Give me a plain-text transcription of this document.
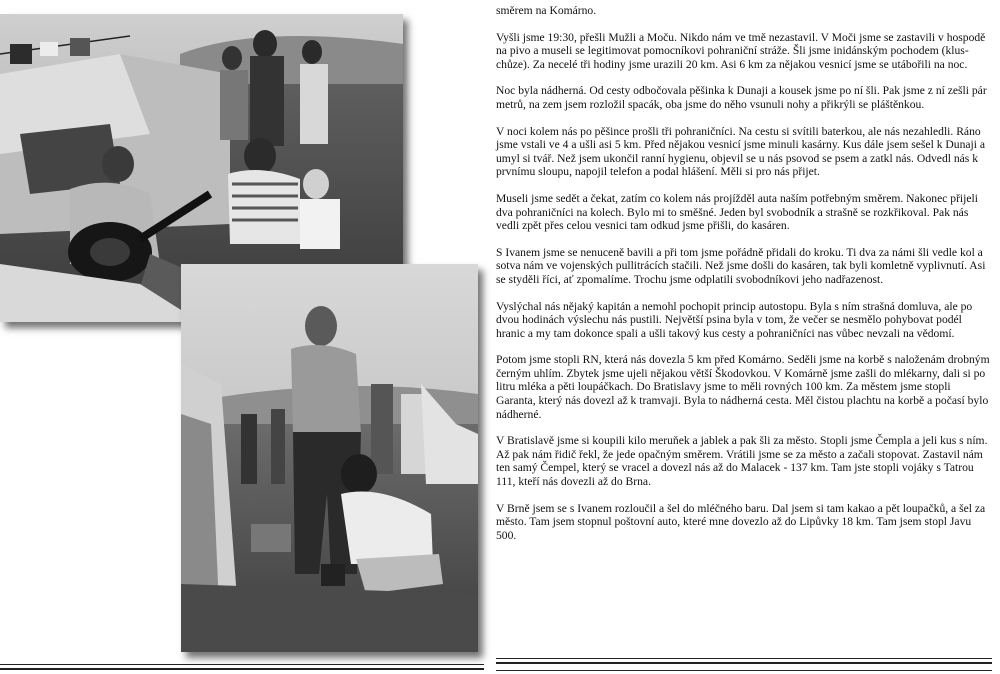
směrem na Komárno.

Vyšli jsme 19:30, přešli Mužli a Moču. Nikdo nám ve tmě nezastavil. V Moči jsme se zastavili v hospodě na pivo a museli se legitimovat pomocníkovi pohraniční stráže. Šli jsme inidánským pochodem (klus-chůze). Za necelé tři hodiny jsme urazili 20 km. Asi 6 km za nějakou vesnicí jsme se utábořili na noc.

Noc byla nádherná. Od cesty odbočovala pěšinka k Dunaji a kousek jsme po ní šli. Pak jsme z ní zešli pár metrů, na zem jsem rozložil spacák, oba jsme do něho vsunuli nohy a přikrýli se pláštěnkou.

V noci kolem nás po pěšince prošli tři pohraničníci. Na cestu si svítili baterkou, ale nás nezahledli. Ráno jsme vstali ve 4 a ušli asi 5 km. Před nějakou vesnicí jsme minuli kasárny. Kus dále jsem sešel k Dunaji a umyl si tvář. Než jsem ukončil ranní hygienu, objevil se u nás psovod se psem a zatkl nás. Odvedl nás k prvnímu sloupu, napojil telefon a podal hlášení. Měli si pro nás přijet.

Museli jsme sedět a čekat, zatím co kolem nás projížděl auta naším potřebným směrem. Nakonec přijeli dva pohraničníci na kolech. Bylo mi to směšné. Jeden byl svobodník a strašně se rozkřikoval. Pak nás vedli zpět přes celou vesnici tam odkud jsme přišli, do kasáren.

S Ivanem jsme se nenuceně bavili a při tom jsme pořádně přidali do kroku. Ti dva za námi šli vedle kol a sotva nám ve vojenských pullitrácích stačili. Než jsme došli do kasáren, tak byli komletně vyplivnutí. Asi se styděli říci, ať zpomalíme. Trochu jsme odplatili svobodníkovi jeho nadřazenost.

Vyslýchal nás nějaký kapitán a nemohl pochopit princip autostopu. Byla s ním strašná domluva, ale po dvou hodinách výslechu nás pustili. Největší psina byla v tom, že večer se nesmělo pohybovat podél hranic a my tam dokonce spali a ušli takový kus cesty a pohraničníci nas vůbec nevzali na vědomí.

Potom jsme stopli RN, která nás dovezla 5 km před Komárno. Seděli jsme na korbě s naloženám drobným černým uhlím. Zbytek jsme ujeli nějakou větší Škodovkou. V Komárně jsme zašli do mlékarny, dali si po litru mléka a pěti loupáčkach. Do Bratislavy jsme to měli rovných 100 km. Za městem jsme stopli Garanta, který nás dovezl až k tramvaji. Byla to nádherná cesta. Měl čistou plachtu na korbě a počasí bylo nádherné.

V Bratislavě jsme si koupili kilo meruňek a jablek a pak šli za město. Stopli jsme Čempla a jeli kus s ním. Až pak nám řidič řekl, že jede opačným směrem. Vrátili jsme se za město a začali stopovat. Zastavil nám ten samý Čempel, který se vracel a dovezl nás až do Malacek - 137 km. Tam jste stopli vojáky s Tatrou 111, kteří nás dovezli až do Brna.

V Brně jsem se s Ivanem rozloučil a šel do mléčného baru. Dal jsem si tam kakao a pět loupačků, a šel za město. Tam jsem stopnul poštovní auto, které mne dovezlo až do Lipůvky 18 km. Tam jsem stopl Javu 500.
